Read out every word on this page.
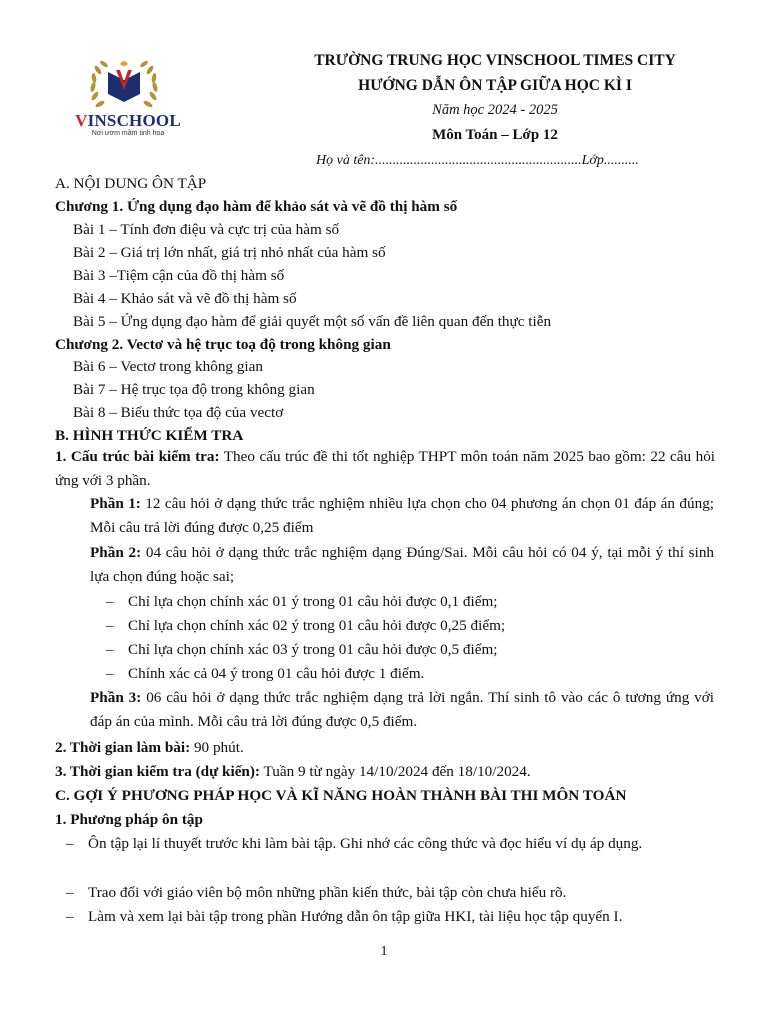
VINSCHOOL
Nơi ươm mầm tinh hoa
TRƯỜNG TRUNG HỌC VINSCHOOL TIMES CITY
HƯỚNG DẪN ÔN TẬP GIỮA HỌC KÌ I
Năm học 2024 - 2025
Môn Toán – Lớp 12
Họ và tên:...........................................................Lớp..........
A. NỘI DUNG ÔN TẬP
Chương 1. Ứng dụng đạo hàm để khảo sát và vẽ đồ thị hàm số
Bài 1 – Tính đơn điệu và cực trị của hàm số
Bài 2 – Giá trị lớn nhất, giá trị nhỏ nhất của hàm số
Bài 3 –Tiệm cận của đồ thị hàm số
Bài 4 – Khảo sát và vẽ đồ thị hàm số
Bài 5 – Ứng dụng đạo hàm để giải quyết một số vấn đề liên quan đến thực tiễn
Chương 2. Vectơ và hệ trục toạ độ trong không gian
Bài 6 – Vectơ trong không gian
Bài 7 – Hệ trục tọa độ trong không gian
Bài 8 – Biểu thức tọa độ của vectơ
B. HÌNH THỨC KIỂM TRA
1. Cấu trúc bài kiểm tra: Theo cấu trúc đề thi tốt nghiệp THPT môn toán năm 2025 bao gồm: 22 câu hỏi ứng với 3 phần.
Phần 1: 12 câu hỏi ở dạng thức trắc nghiệm nhiều lựa chọn cho 04 phương án chọn 01 đáp án đúng; Mỗi câu trả lời đúng được 0,25 điểm
Phần 2: 04 câu hỏi ở dạng thức trắc nghiệm dạng Đúng/Sai. Mỗi câu hỏi có 04 ý, tại mỗi ý thí sinh lựa chọn đúng hoặc sai;
– Chỉ lựa chọn chính xác 01 ý trong 01 câu hỏi được 0,1 điểm;
– Chỉ lựa chọn chính xác 02 ý trong 01 câu hỏi được 0,25 điểm;
– Chỉ lựa chọn chính xác 03 ý trong 01 câu hỏi được 0,5 điểm;
– Chính xác cả 04 ý trong 01 câu hỏi được 1 điểm.
Phần 3: 06 câu hỏi ở dạng thức trắc nghiệm dạng trả lời ngắn. Thí sinh tô vào các ô tương ứng với đáp án của mình. Mỗi câu trả lời đúng được 0,5 điểm.
2. Thời gian làm bài: 90 phút.
3. Thời gian kiểm tra (dự kiến): Tuần 9 từ ngày 14/10/2024 đến 18/10/2024.
C. GỢI Ý PHƯƠNG PHÁP HỌC VÀ KĨ NĂNG HOÀN THÀNH BÀI THI MÔN TOÁN
1. Phương pháp ôn tập
– Ôn tập lại lí thuyết trước khi làm bài tập. Ghi nhớ các công thức và đọc hiểu ví dụ áp dụng.
– Trao đổi với giáo viên bộ môn những phần kiến thức, bài tập còn chưa hiểu rõ.
– Làm và xem lại bài tập trong phần Hướng dẫn ôn tập giữa HKI, tài liệu học tập quyển I.
1
